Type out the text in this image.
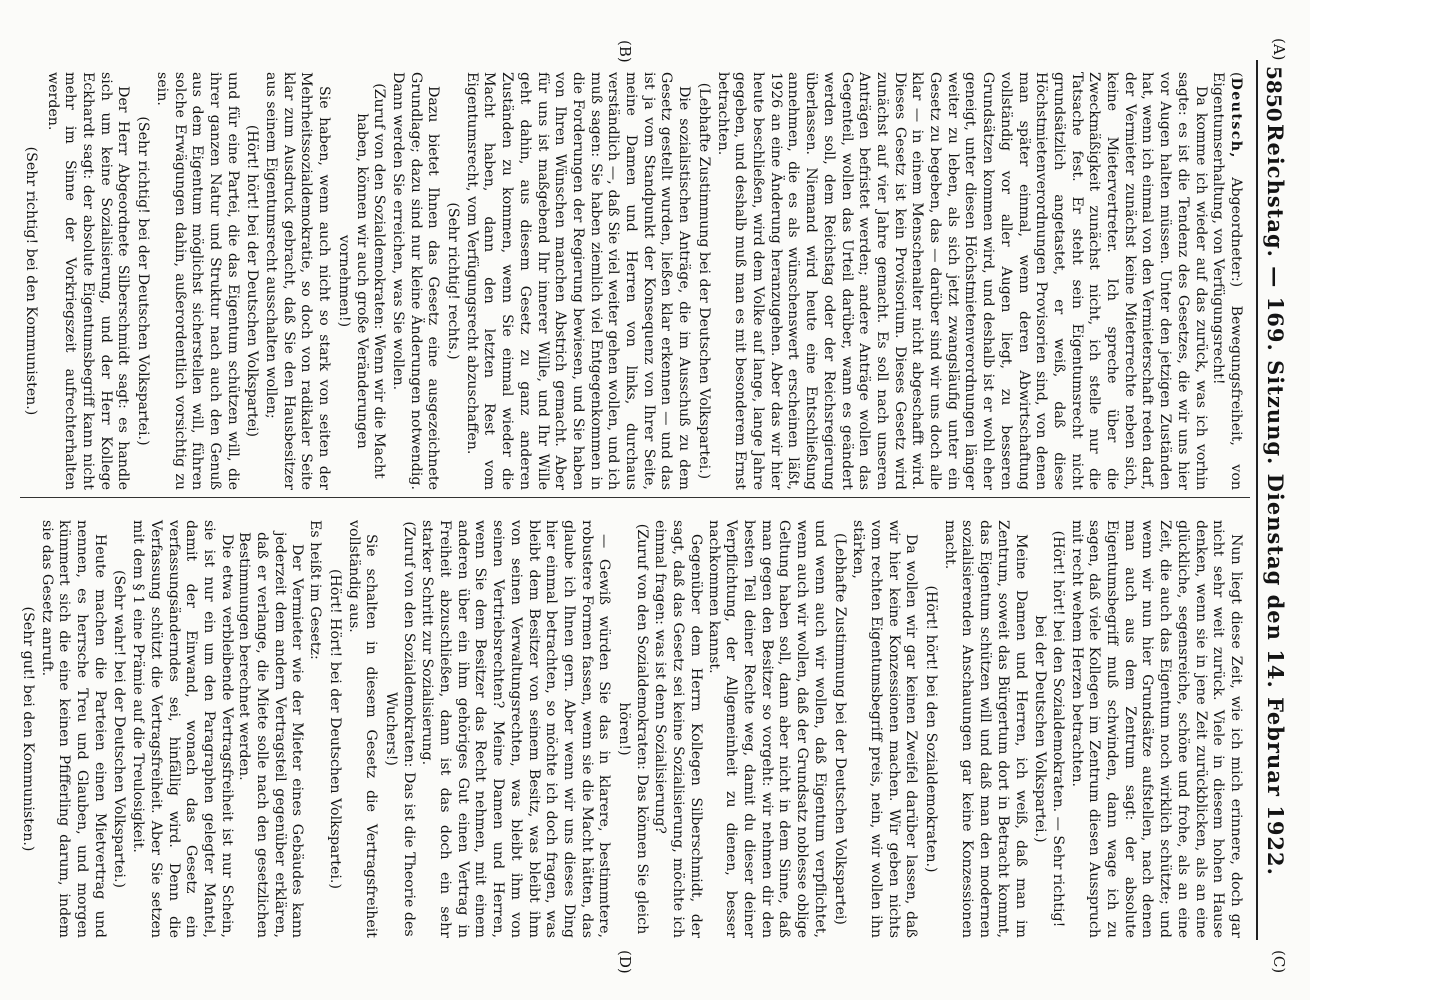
5850
Reichstag. — 169. Sitzung. Dienstag den 14. Februar 1922.
(A)
(B)
(C)
(D)

(Deutsch, Abgeordneter:) Bewegungsfreiheit, von Eigentumserhaltung, von Verfügungsrecht!

Da komme ich wieder auf das zurück, was ich vorhin sagte: es ist die Tendenz des Gesetzes, die wir uns hier vor Augen halten müssen. Unter den jetzigen Zuständen hat, wenn ich einmal von den Vermieterschaft reden darf, der Vermieter zunächst keine Mieterrechte neben sich, keine Mietervertreter. Ich spreche über die Zweckmäßigkeit zunächst nicht, ich stelle nur die Tatsache fest. Er steht sein Eigentumsrecht nicht grundsätzlich angetastet, er weiß, daß diese Höchstmietenverordnungen Provisorien sind, von denen man später einmal, wenn deren Abwirtschaftung vollständig vor aller Augen liegt, zu besseren Grundsätzen kommen wird, und deshalb ist er wohl eher geneigt, unter diesen Höchstmietenverordnungen länger weiter zu leben, als sich jetzt zwangsläufig unter ein Gesetz zu begeben, das — darüber sind wir uns doch alle klar — in einem Menschenalter nicht abgeschafft wird. Dieses Gesetz ist kein Provisorium. Dieses Gesetz wird zunächst auf vier Jahre gemacht. Es soll nach unseren Anträgen befristet werden; andere Anträge wollen das Gegenteil, wollen das Urteil darüber, wann es geändert werden soll, dem Reichstag oder der Reichsregierung überlassen. Niemand wird heute eine Entschließung annehmen, die es als wünschenswert erscheinen läßt, 1926 an eine Änderung heranzugehen. Aber das wir hier heute beschließen, wird dem Volke auf lange, lange Jahre gegeben, und deshalb muß man es mit besonderem Ernst betrachten.

(Lebhafte Zustimmung bei der Deutschen Volkspartei.)

Die sozialistischen Anträge, die im Ausschuß zu dem Gesetz gestellt wurden, ließen klar erkennen — und das ist ja vom Standpunkt der Konsequenz von Ihrer Seite, meine Damen und Herren von links, durchaus verständlich —, daß Sie viel weiter gehen wollen, und ich muß sagen: Sie haben ziemlich viel Entgegenkommen in die Forderungen der Regierung bewiesen, und Sie haben von Ihren Wünschen manchen Abstrich gemacht. Aber für uns ist maßgebend Ihr innerer Wille, und Ihr Wille geht dahin, aus diesem Gesetz zu ganz anderen Zuständen zu kommen, wenn Sie einmal wieder die Macht haben, dann den letzten Rest vom Eigentumsrecht, vom Verfügungsrecht abzuschaffen.

(Sehr richtig! rechts.)

Dazu bietet Ihnen das Gesetz eine ausgezeichnete Grundlage; dazu sind nur kleine Änderungen notwendig. Dann werden Sie erreichen, was Sie wollen.

(Zuruf von den Sozialdemokraten: Wenn wir die Macht haben, können wir auch große Veränderungen vornehmen!)

Sie haben, wenn auch nicht so stark von seiten der Mehrheitssozialdemokratie, so doch von radikaler Seite klar zum Ausdruck gebracht, daß Sie den Hausbesitzer aus seinem Eigentumsrecht ausschalten wollen;

(Hört! hört! bei der Deutschen Volkspartei)

und für eine Partei, die das Eigentum schützen will, die ihrer ganzen Natur und Struktur nach auch den Genuß aus dem Eigentum möglichst sicherstellen will, führen solche Erwägungen dahin, außerordentlich vorsichtig zu sein.

(Sehr richtig! bei der Deutschen Volkspartei.)

Der Herr Abgeordnete Silberschmidt sagt: es handle sich um keine Sozialisierung, und der Herr Kollege Eckhardt sagt: der absolute Eigentumsbegriff kann nicht mehr im Sinne der Vorkriegszeit aufrechterhalten werden.

(Sehr richtig! bei den Kommunisten.)

Nun liegt diese Zeit, wie ich mich erinnere, doch gar nicht sehr weit zurück. Viele in diesem hohen Hause denken, wenn sie in jene Zeit zurückblicken, als an eine glückliche, segensreiche, schöne und frohe, als an eine Zeit, die auch das Eigentum noch wirklich schützte; und wenn wir nun hier Grundsätze aufstellen, nach denen man auch aus dem Zentrum sagt: der absolute Eigentumsbegriff muß schwinden, dann wage ich zu sagen, daß viele Kollegen im Zentrum diesen Ausspruch mit recht wehem Herzen betrachten.

(Hört! hört! bei den Sozialdemokraten. — Sehr richtig! bei der Deutschen Volkspartei.)

Meine Damen und Herren, ich weiß, daß man im Zentrum, soweit das Bürgertum dort in Betracht kommt, das Eigentum schützen will und daß man den modernen sozialisierenden Anschauungen gar keine Konzessionen macht.

(Hört! hört! bei den Sozialdemokraten.)

Da wollen wir gar keinen Zweifel darüber lassen, daß wir hier keine Konzessionen machen. Wir geben nichts vom rechten Eigentumsbegriff preis, nein, wir wollen ihn stärken,

(Lebhafte Zustimmung bei der Deutschen Volkspartei)

und wenn auch wir wollen, daß Eigentum verpflichtet, wenn auch wir wollen, daß der Grundsatz noblesse oblige Geltung haben soll, dann aber nicht in dem Sinne, daß man gegen den Besitzer so vorgeht: wir nehmen dir den besten Teil deiner Rechte weg, damit du dieser deiner Verpflichtung, der Allgemeinheit zu dienen, besser nachkommen kannst.

Gegenüber dem Herrn Kollegen Silberschmidt, der sagt, daß das Gesetz sei keine Sozialisierung, möchte ich einmal fragen: was ist denn Sozialisierung?

(Zuruf von den Sozialdemokraten: Das können Sie gleich hören!)

— Gewiß würden Sie das in klarere, bestimmtere, robustere Formen fassen, wenn sie die Macht hätten, das glaube ich Ihnen gern. Aber wenn wir uns dieses Ding hier einmal betrachten, so möchte ich doch fragen, was bleibt dem Besitzer von seinem Besitz, was bleibt ihm von seinen Verwaltungsrechten, was bleibt ihm von seinen Vertriebsrechten? Meine Damen und Herren, wenn Sie dem Besitzer das Recht nehmen, mit einem anderen über ein ihm gehöriges Gut einen Vertrag in Freiheit abzuschließen, dann ist das doch ein sehr starker Schritt zur Sozialisierung.

(Zuruf von den Sozialdemokraten: Das ist die Theorie des Wuchers!)

Sie schalten in diesem Gesetz die Vertragsfreiheit vollständig aus.

(Hört! Hört! bei der Deutschen Volkspartei.)

Es heißt im Gesetz:

Der Vermieter wie der Mieter eines Gebäudes kann jederzeit dem andern Vertragsteil gegenüber erklären, daß er verlange, die Miete solle nach den gesetzlichen Bestimmungen berechnet werden.

Die etwa verbleibende Vertragsfreiheit ist nur Schein, sie ist nur ein um den Paragraphen gelegter Mantel, damit der Einwand, wonach das Gesetz ein verfassungsänderndes sei, hinfällig wird. Denn die Verfassung schützt die Vertragsfreiheit. Aber Sie setzen mit dem § 1 eine Prämie auf die Treulosigkeit.

(Sehr wahr! bei der Deutschen Volkspartei.)

Heute machen die Parteien einen Mietvertrag und nennen, es herrsche Treu und Glauben, und morgen kümmert sich die eine keinen Pfifferling darum, indem sie das Gesetz anruft.

(Sehr gut! bei den Kommunisten.)
